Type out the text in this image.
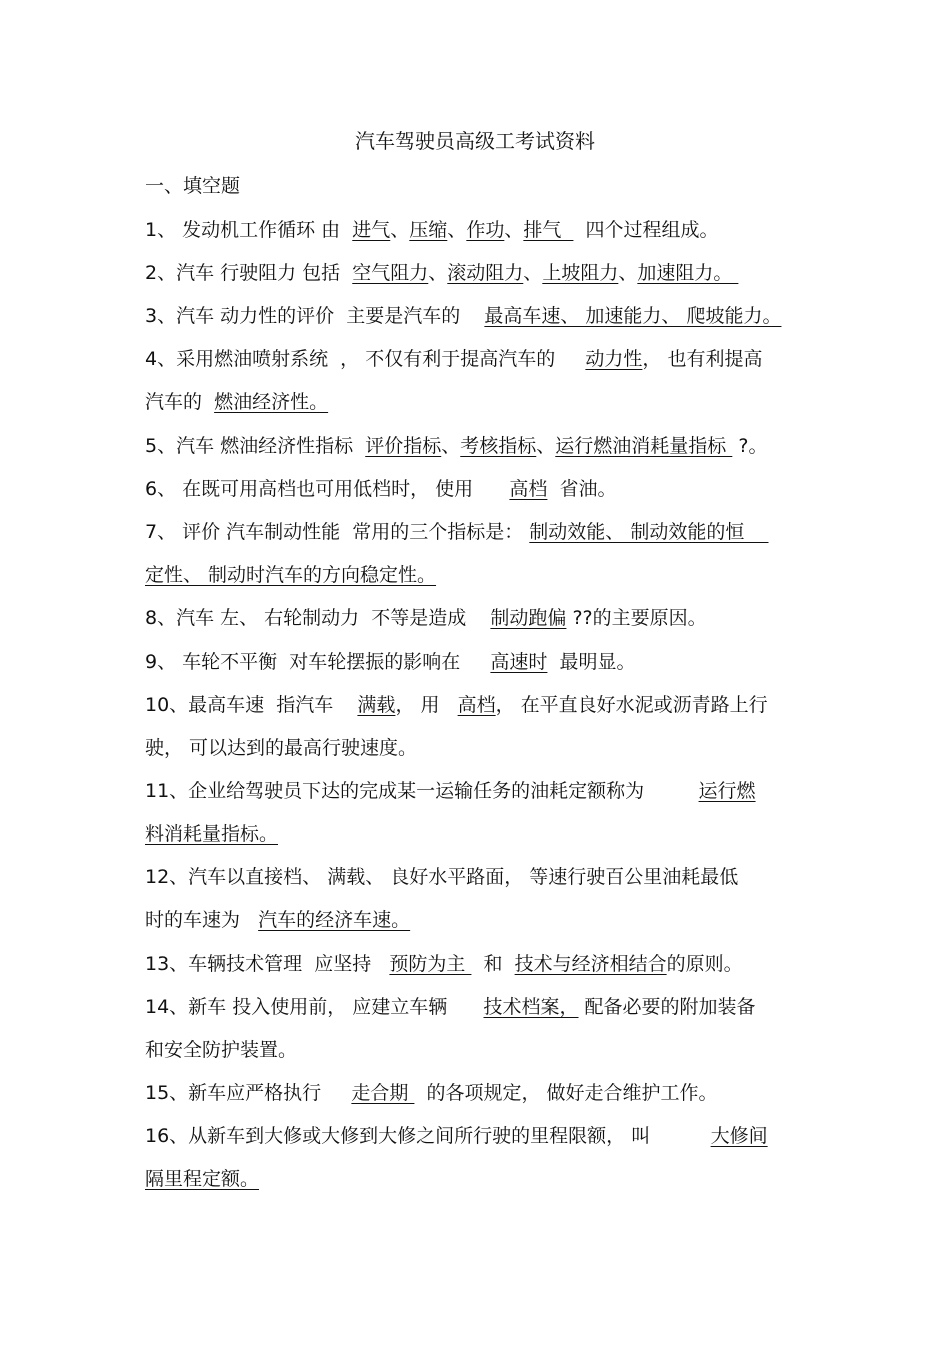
汽车驾驶员高级工考试资料
一、填空题
1、 发动机工作循环 由  进气、压缩、作功、排气    四个过程组成。
2、汽车 行驶阻力 包括  空气阻力、滚动阻力、上坡阻力、加速阻力。
3、汽车 动力性的评价  主要是汽车的    最高车速、 加速能力、 爬坡能力。
4、采用燃油喷射系统  ， 不仅有利于提高汽车的     动力性， 也有利提高
汽车的  燃油经济性。
5、汽车 燃油经济性指标  评价指标、考核指标、运行燃油消耗量指标  ?。
6、 在既可用高档也可用低档时， 使用      高档  省油。
7、 评价 汽车制动性能  常用的三个指标是： 制动效能、 制动效能的恒
定性、 制动时汽车的方向稳定性。
8、汽车 左、 右轮制动力  不等是造成    制动跑偏 ??的主要原因。
9、 车轮不平衡  对车轮摆振的影响在     高速时  最明显。
10、最高车速  指汽车    满载， 用   高档， 在平直良好水泥或沥青路上行
驶， 可以达到的最高行驶速度。
11、企业给驾驶员下达的完成某一运输任务的油耗定额称为         运行燃
料消耗量指标。
12、汽车以直接档、 满载、 良好水平路面， 等速行驶百公里油耗最低
时的车速为   汽车的经济车速。
13、车辆技术管理  应坚持   预防为主   和  技术与经济相结合的原则。
14、新车 投入使用前， 应建立车辆      技术档案， 配备必要的附加装备
和安全防护装置。
15、新车应严格执行     走合期   的各项规定， 做好走合维护工作。
16、从新车到大修或大修到大修之间所行驶的里程限额， 叫          大修间
隔里程定额。
